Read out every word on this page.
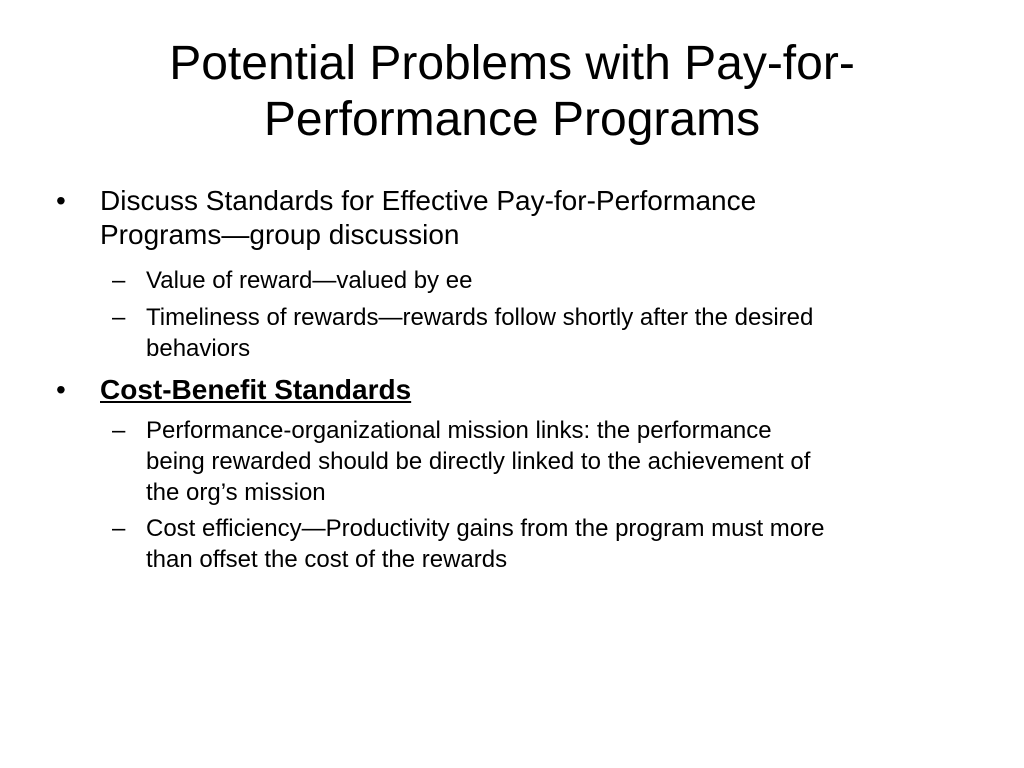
Potential Problems with Pay-for-
Performance Programs
• Discuss Standards for Effective Pay-for-Performance
Programs—group discussion
– Value of reward—valued by ee
– Timeliness of rewards—rewards follow shortly after the desired
behaviors
• Cost-Benefit Standards
– Performance-organizational mission links: the performance
being rewarded should be directly linked to the achievement of
the org’s mission
– Cost efficiency—Productivity gains from the program must more
than offset the cost of the rewards
